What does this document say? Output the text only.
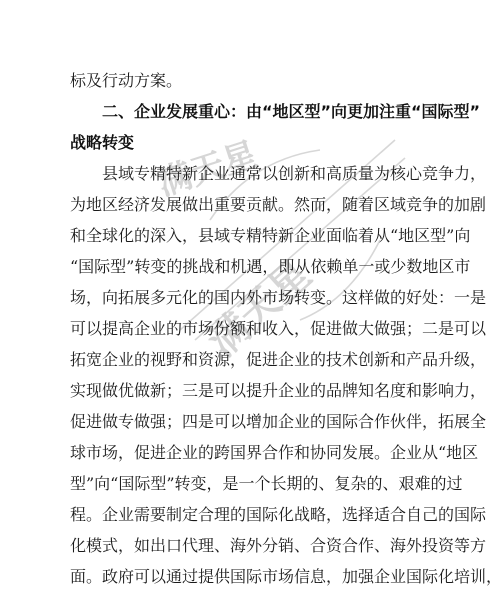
满天星
满天星
标及行动方案。
二、企业发展重心：由“地区型”向更加注重“国际型”
战略转变
县域专精特新企业通常以创新和高质量为核心竞争力，
为地区经济发展做出重要贡献。然而，随着区域竞争的加剧
和全球化的深入，县域专精特新企业面临着从“地区型”向
“国际型”转变的挑战和机遇，即从依赖单一或少数地区市
场，向拓展多元化的国内外市场转变。这样做的好处：一是
可以提高企业的市场份额和收入，促进做大做强；二是可以
拓宽企业的视野和资源，促进企业的技术创新和产品升级，
实现做优做新；三是可以提升企业的品牌知名度和影响力，
促进做专做强；四是可以增加企业的国际合作伙伴，拓展全
球市场，促进企业的跨国界合作和协同发展。企业从“地区
型”向“国际型”转变，是一个长期的、复杂的、艰难的过
程。企业需要制定合理的国际化战略，选择适合自己的国际
化模式，如出口代理、海外分销、合资合作、海外投资等方
面。政府可以通过提供国际市场信息，加强企业国际化培训，
